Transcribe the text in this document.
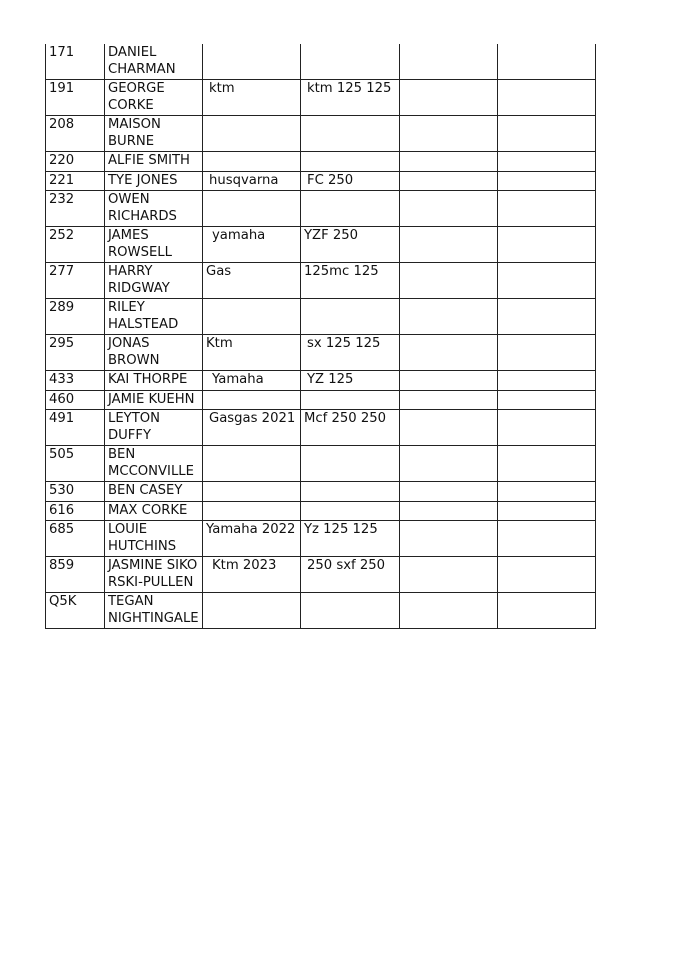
171	DANIEL CHARMAN				
191	GEORGE CORKE	ktm	ktm 125 125		
208	MAISON BURNE				
220	ALFIE SMITH				
221	TYE JONES	husqvarna	FC 250		
232	OWEN RICHARDS				
252	JAMES ROWSELL	yamaha	YZF 250		
277	HARRY RIDGWAY	Gas	125mc 125		
289	RILEY HALSTEAD				
295	JONAS BROWN	Ktm	sx 125 125		
433	KAI THORPE	Yamaha	YZ 125		
460	JAMIE KUEHN				
491	LEYTON DUFFY	Gasgas 2021	Mcf 250 250		
505	BEN MCCONVILLE				
530	BEN CASEY				
616	MAX CORKE				
685	LOUIE HUTCHINS	Yamaha 2022	Yz 125 125		
859	JASMINE SIKO RSKI-PULLEN	Ktm 2023	250 sxf 250		
Q5K	TEGAN NIGHTINGALE				
